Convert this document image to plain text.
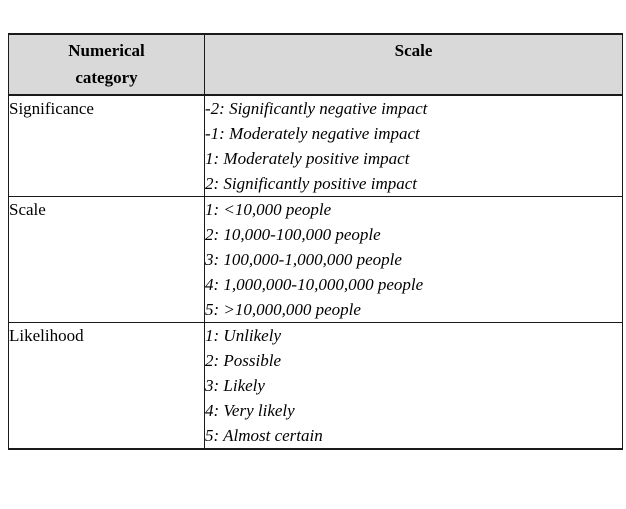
Numerical
category	Scale
Significance	-2: Significantly negative impact
-1: Moderately negative impact
1: Moderately positive impact
2: Significantly positive impact

Scale	1: <10,000 people
2: 10,000-100,000 people
3: 100,000-1,000,000 people
4: 1,000,000-10,000,000 people
5: >10,000,000 people

Likelihood	1: Unlikely
2: Possible
3: Likely
4: Very likely
5: Almost certain
